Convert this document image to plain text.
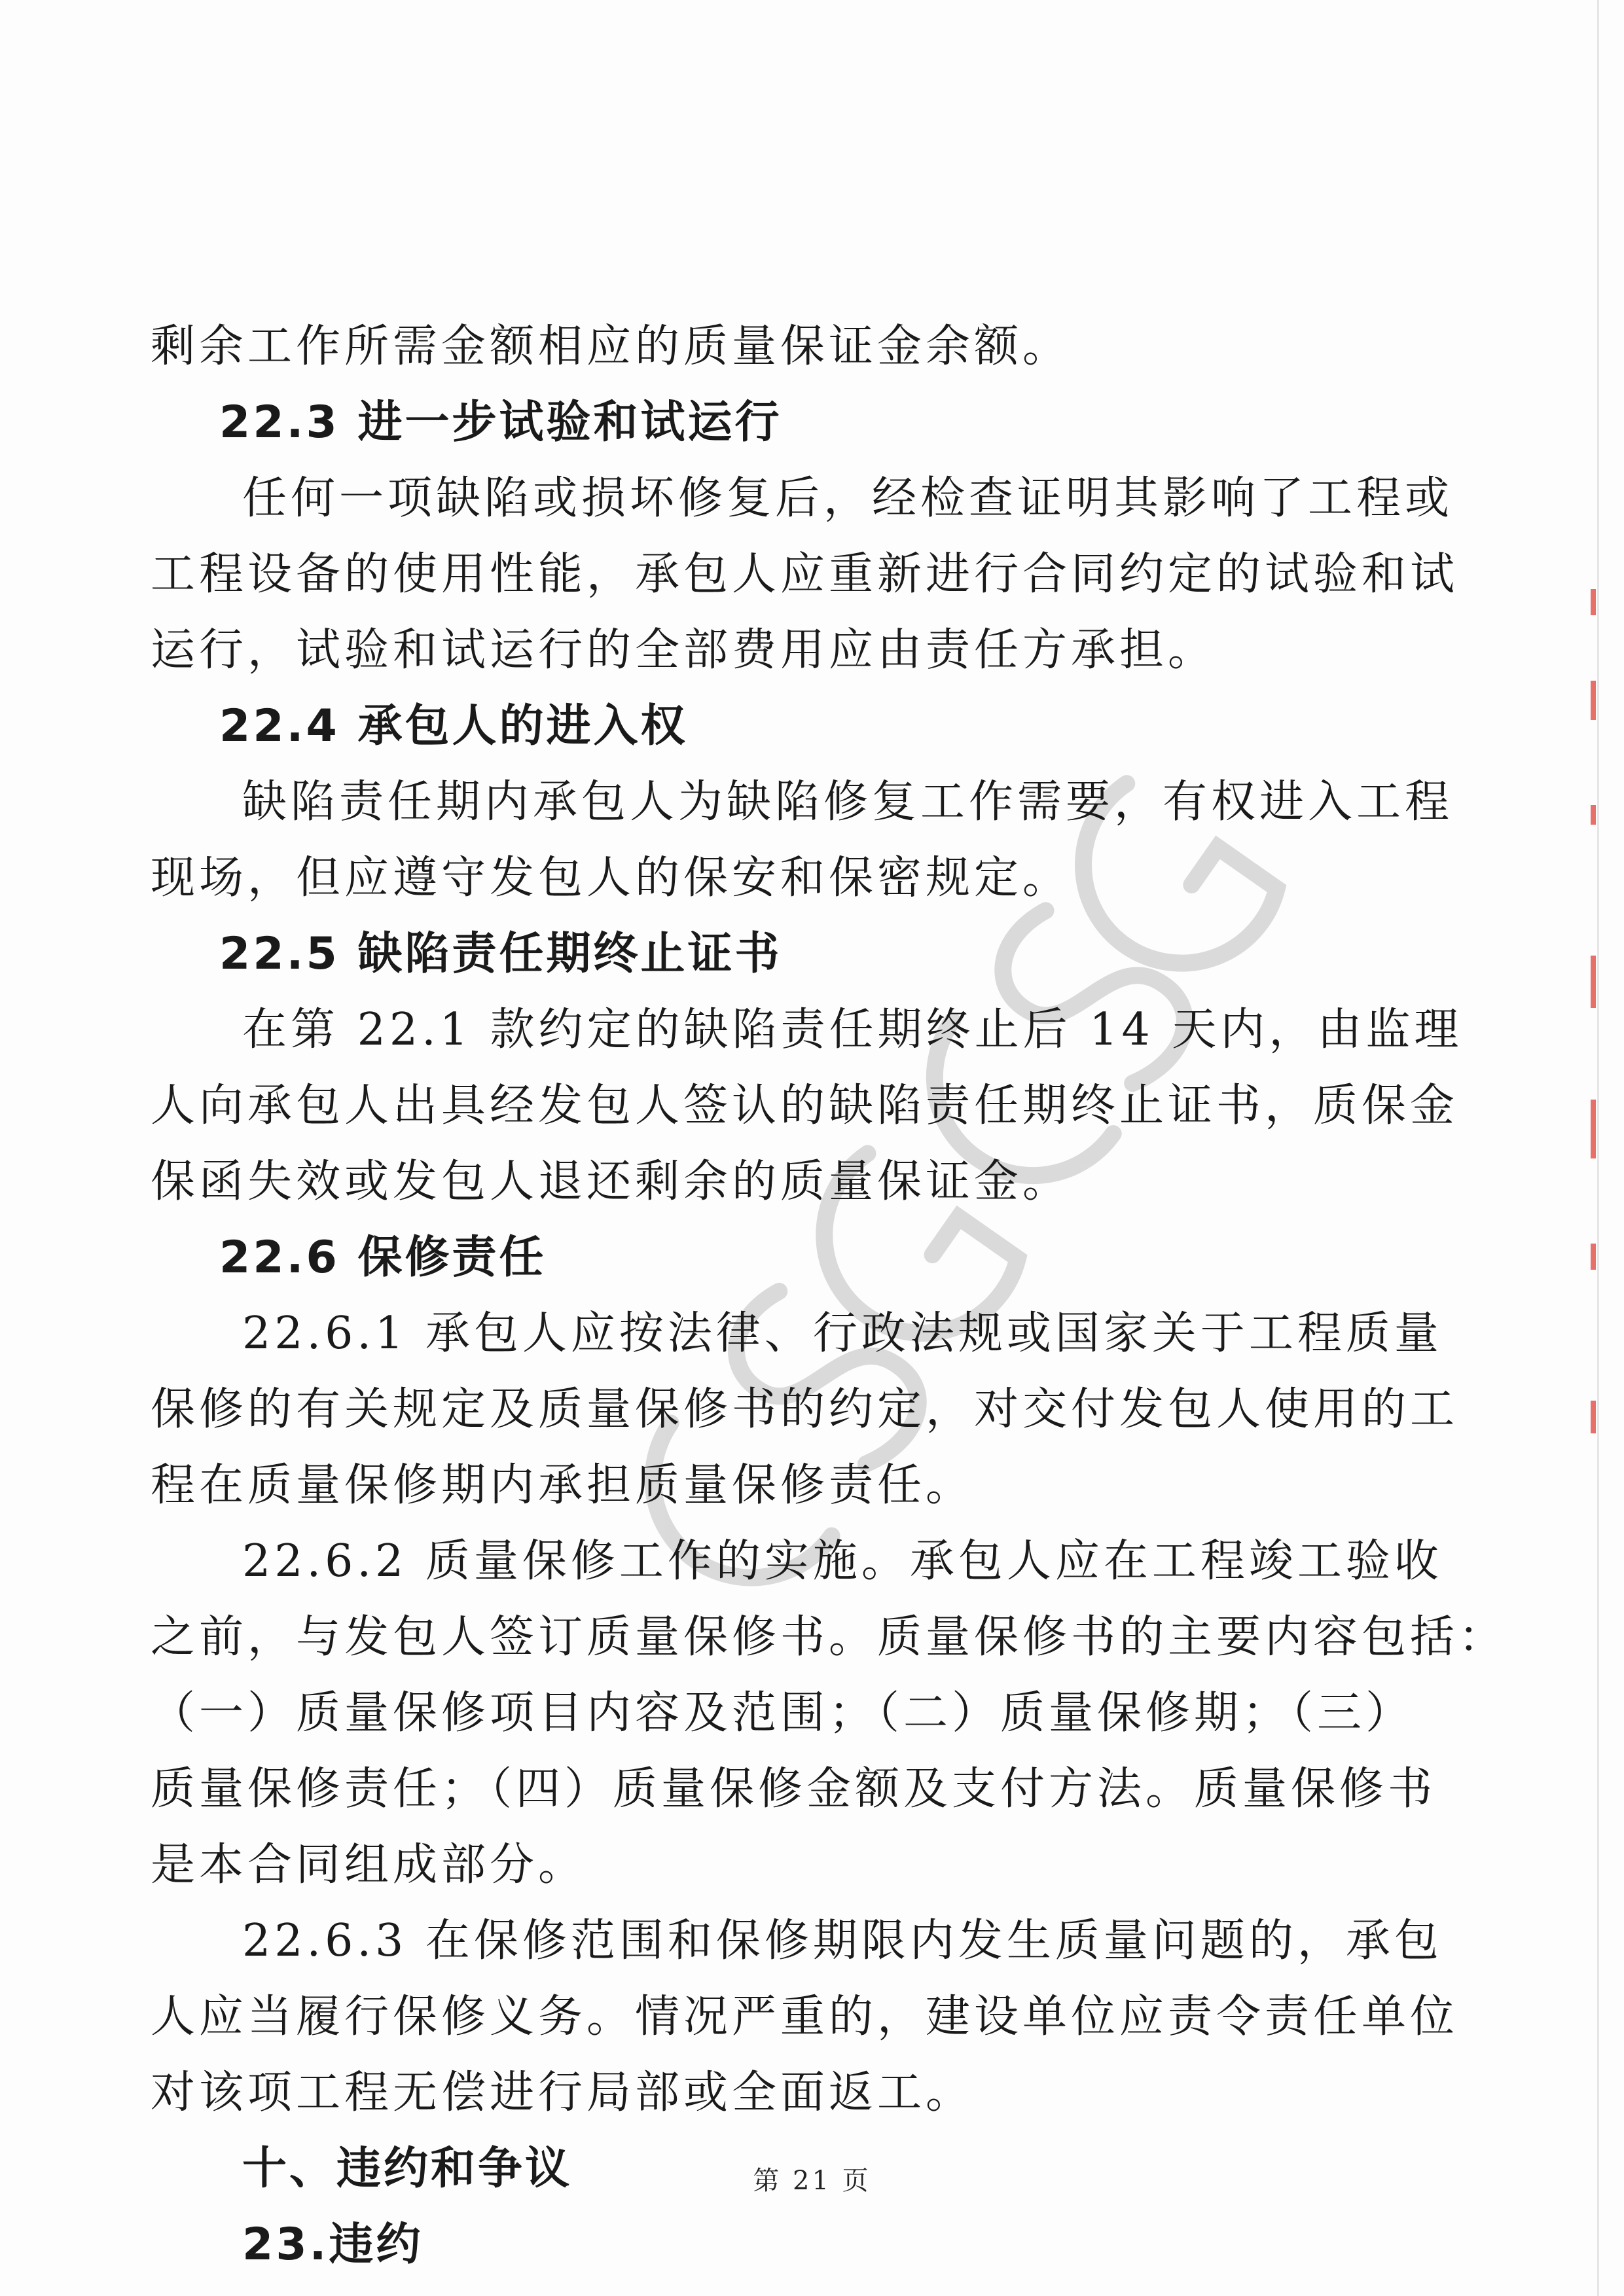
剩余工作所需金额相应的质量保证金余额。
22.3 进一步试验和试运行
任何一项缺陷或损坏修复后，经检查证明其影响了工程或
工程设备的使用性能，承包人应重新进行合同约定的试验和试
运行，试验和试运行的全部费用应由责任方承担。
22.4 承包人的进入权
缺陷责任期内承包人为缺陷修复工作需要，有权进入工程
现场，但应遵守发包人的保安和保密规定。
22.5 缺陷责任期终止证书
在第 22.1 款约定的缺陷责任期终止后 14 天内，由监理
人向承包人出具经发包人签认的缺陷责任期终止证书，质保金
保函失效或发包人退还剩余的质量保证金。
22.6 保修责任
22.6.1 承包人应按法律、行政法规或国家关于工程质量
保修的有关规定及质量保修书的约定，对交付发包人使用的工
程在质量保修期内承担质量保修责任。
22.6.2 质量保修工作的实施。承包人应在工程竣工验收
之前，与发包人签订质量保修书。质量保修书的主要内容包括：
（一）质量保修项目内容及范围；（二）质量保修期；（三）
质量保修责任；（四）质量保修金额及支付方法。质量保修书
是本合同组成部分。
22.6.3 在保修范围和保修期限内发生质量问题的，承包
人应当履行保修义务。情况严重的，建设单位应责令责任单位
对该项工程无偿进行局部或全面返工。
十、违约和争议
23.违约
第 21 页
